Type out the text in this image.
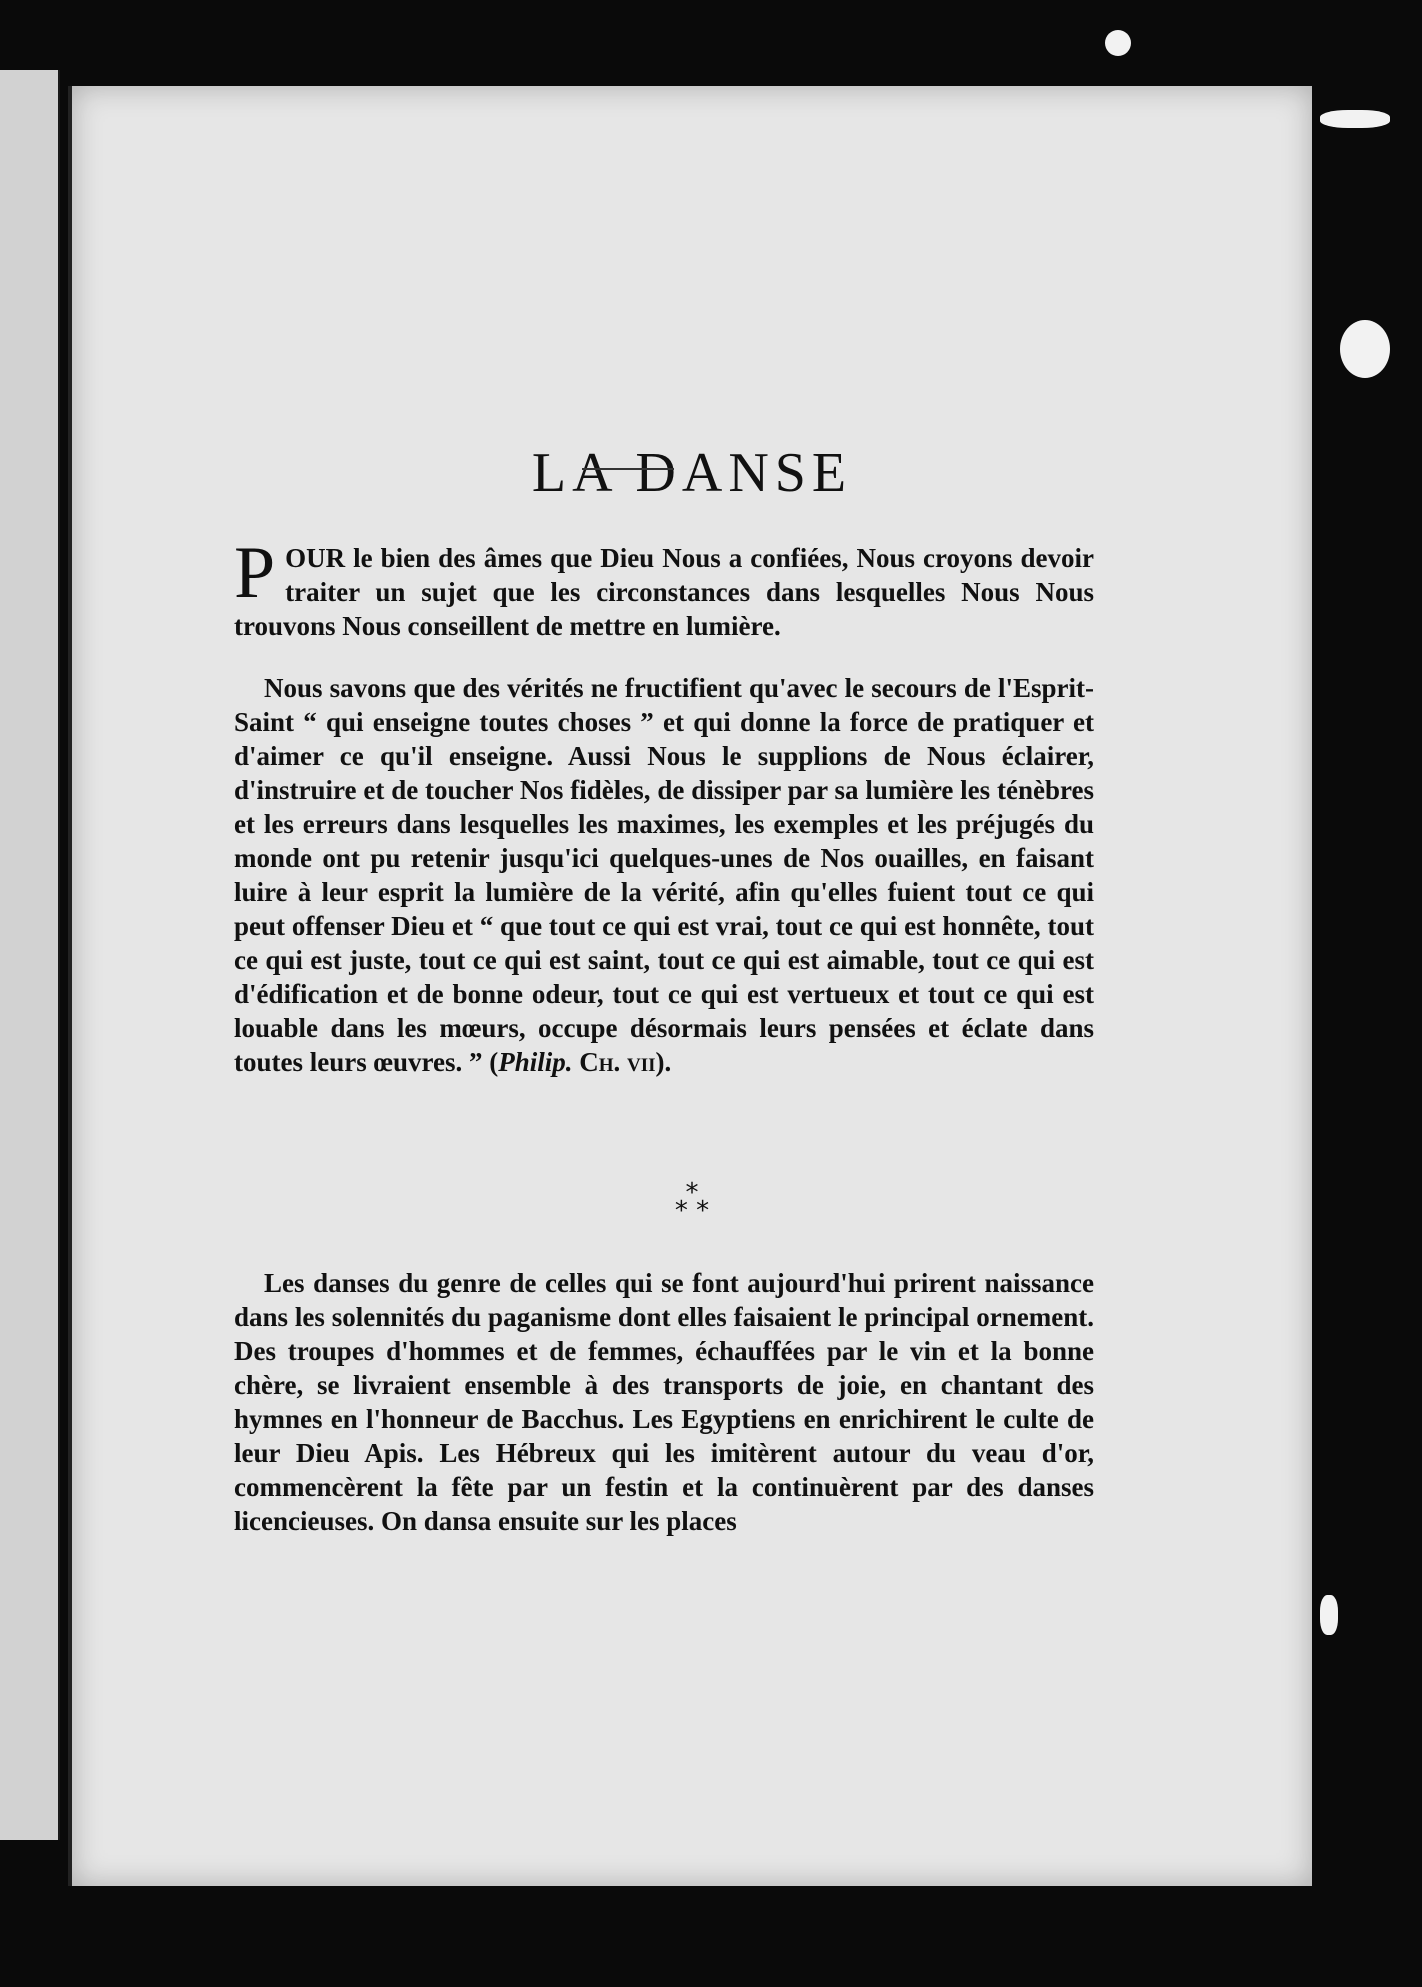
LA DANSE

POUR le bien des âmes que Dieu Nous a confiées, Nous croyons devoir traiter un sujet que les circonstances dans lesquelles Nous Nous trouvons Nous conseillent de mettre en lumière.

Nous savons que des vérités ne fructifient qu'avec le secours de l'Esprit-Saint “ qui enseigne toutes choses ” et qui donne la force de pratiquer et d'aimer ce qu'il enseigne. Aussi Nous le supplions de Nous éclairer, d'instruire et de toucher Nos fidèles, de dissiper par sa lumière les ténèbres et les erreurs dans lesquelles les maximes, les exemples et les préjugés du monde ont pu retenir jusqu'ici quelques-unes de Nos ouailles, en faisant luire à leur esprit la lumière de la vérité, afin qu'elles fuient tout ce qui peut offenser Dieu et “ que tout ce qui est vrai, tout ce qui est honnête, tout ce qui est juste, tout ce qui est saint, tout ce qui est aimable, tout ce qui est d'édification et de bonne odeur, tout ce qui est vertueux et tout ce qui est louable dans les mœurs, occupe désormais leurs pensées et éclate dans toutes leurs œuvres. ” (Philip. Ch. vii).

*
* *

Les danses du genre de celles qui se font aujourd'hui prirent naissance dans les solennités du paganisme dont elles faisaient le principal ornement. Des troupes d'hommes et de femmes, échauffées par le vin et la bonne chère, se livraient ensemble à des transports de joie, en chantant des hymnes en l'honneur de Bacchus. Les Egyptiens en enrichirent le culte de leur Dieu Apis. Les Hébreux qui les imitèrent autour du veau d'or, commencèrent la fête par un festin et la continuèrent par des danses licencieuses. On dansa ensuite sur les places
